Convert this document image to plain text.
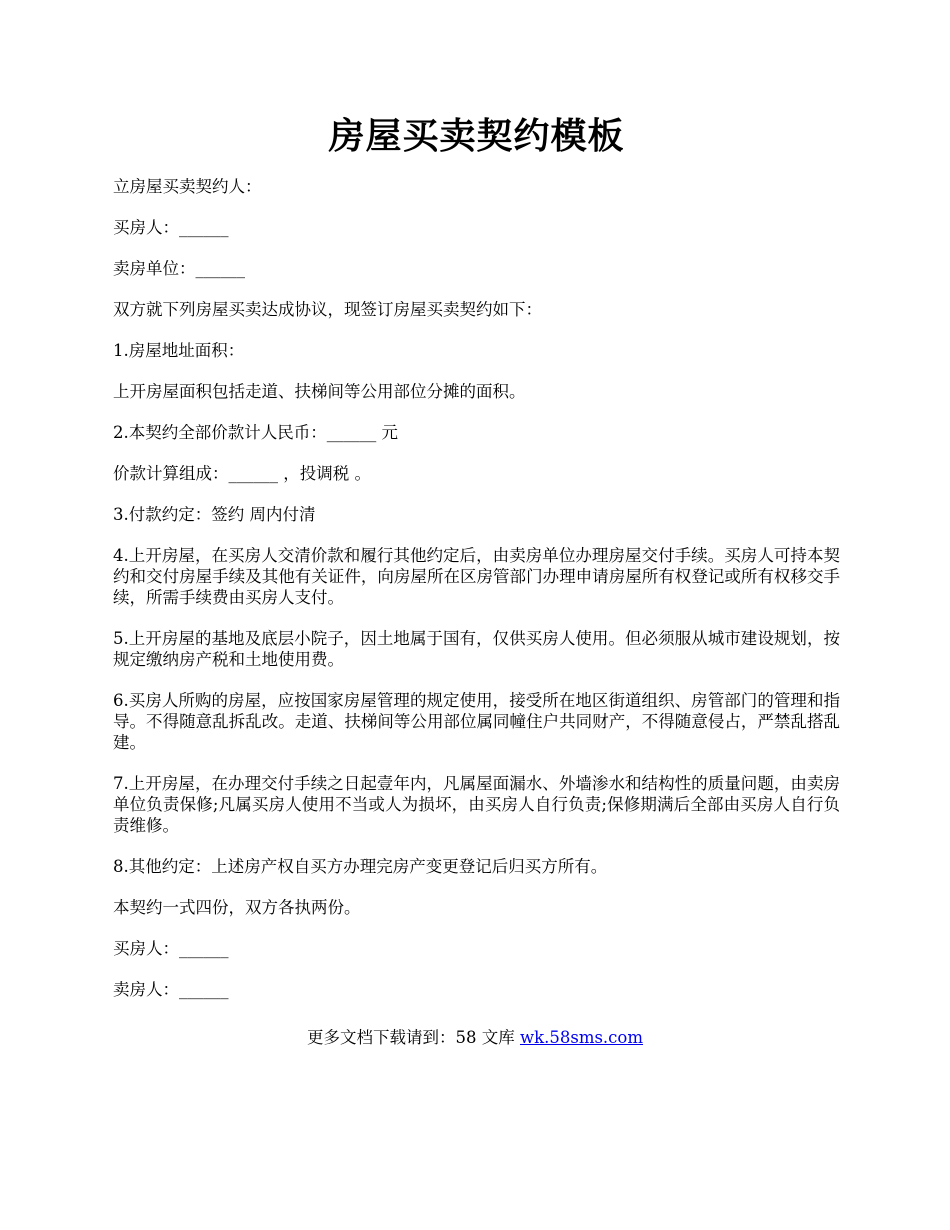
房屋买卖契约模板

立房屋买卖契约人：

买房人：______

卖房单位：______

双方就下列房屋买卖达成协议，现签订房屋买卖契约如下：

1.房屋地址面积：

上开房屋面积包括走道、扶梯间等公用部位分摊的面积。

2.本契约全部价款计人民币：______ 元

价款计算组成：______ ，投调税 。

3.付款约定：签约 周内付清

4.上开房屋，在买房人交清价款和履行其他约定后，由卖房单位办理房屋交付手续。买房人可持本契约和交付房屋手续及其他有关证件，向房屋所在区房管部门办理申请房屋所有权登记或所有权移交手续，所需手续费由买房人支付。

5.上开房屋的基地及底层小院子，因土地属于国有，仅供买房人使用。但必须服从城市建设规划，按规定缴纳房产税和土地使用费。

6.买房人所购的房屋，应按国家房屋管理的规定使用，接受所在地区街道组织、房管部门的管理和指导。不得随意乱拆乱改。走道、扶梯间等公用部位属同幢住户共同财产，不得随意侵占，严禁乱搭乱建。

7.上开房屋，在办理交付手续之日起壹年内，凡属屋面漏水、外墙渗水和结构性的质量问题，由卖房单位负责保修;凡属买房人使用不当或人为损坏，由买房人自行负责;保修期满后全部由买房人自行负责维修。

8.其他约定：上述房产权自买方办理完房产变更登记后归买方所有。

本契约一式四份，双方各执两份。

买房人：______

卖房人：______

更多文档下载请到：58 文库 wk.58sms.com
